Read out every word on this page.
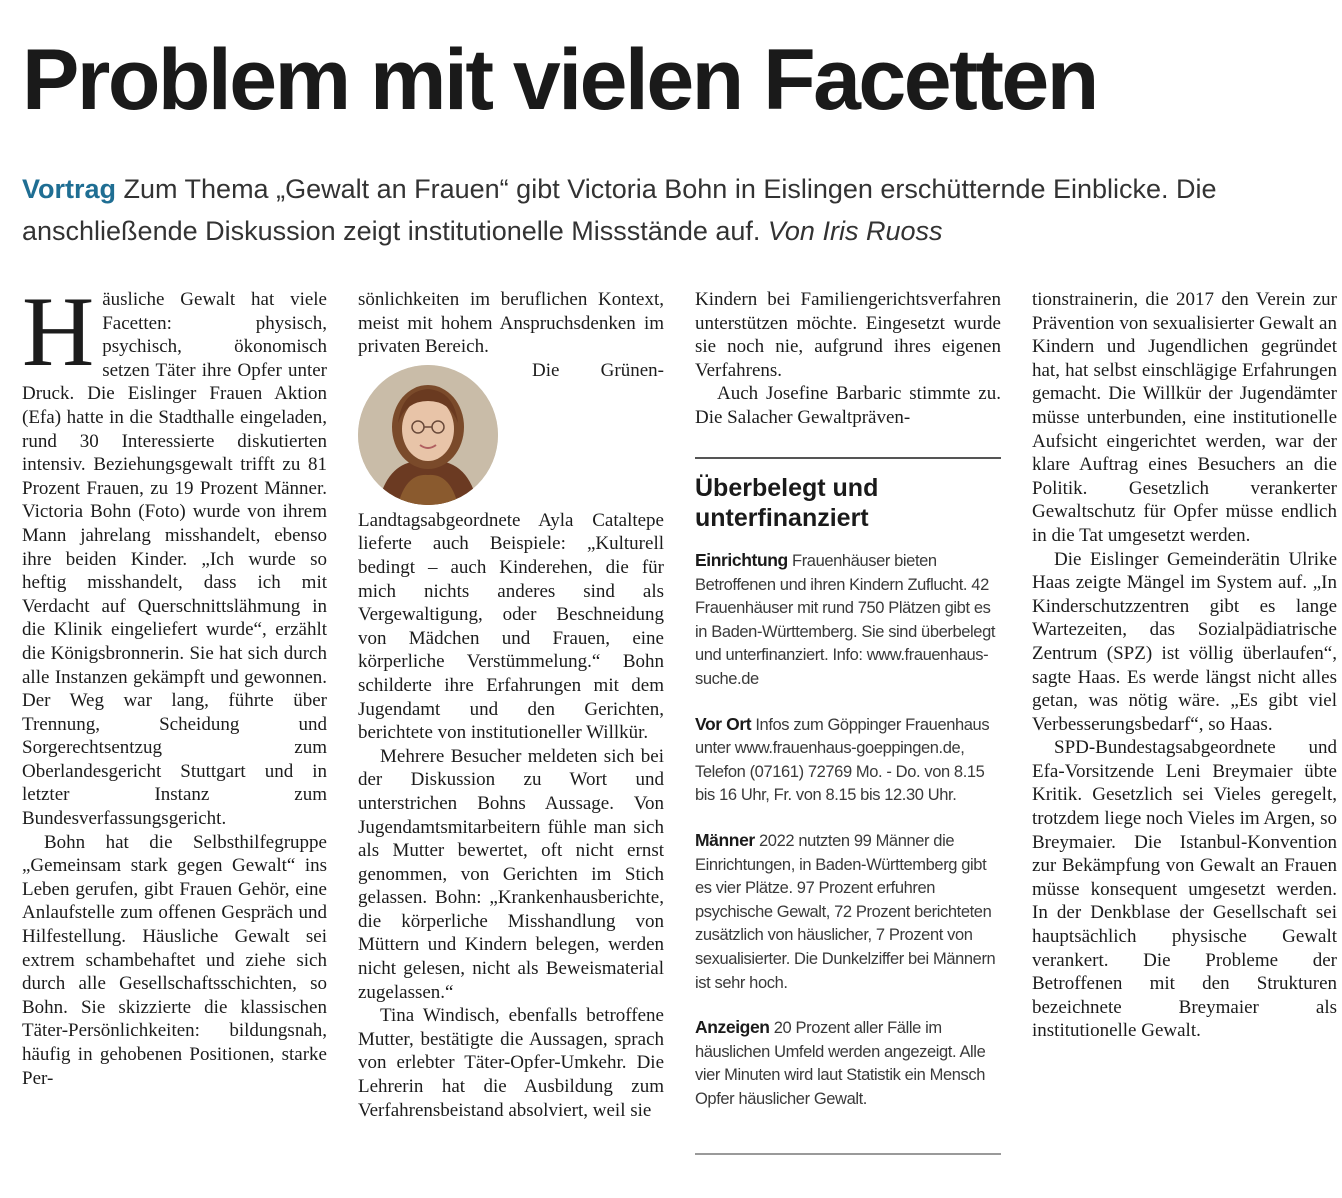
Problem mit vielen Facetten

Vortrag Zum Thema „Gewalt an Frauen“ gibt Victoria Bohn in Eislingen erschütternde Einblicke. Die anschließende Diskussion zeigt institutionelle Missstände auf. Von Iris Ruoss

Häusliche Gewalt hat viele Facetten: physisch, psychisch, ökonomisch setzen Täter ihre Opfer unter Druck. Die Eislinger Frauen Aktion (Efa) hatte in die Stadthalle eingeladen, rund 30 Interessierte diskutierten intensiv. Beziehungsgewalt trifft zu 81 Prozent Frauen, zu 19 Prozent Männer. Victoria Bohn (Foto) wurde von ihrem Mann jahrelang misshandelt, ebenso ihre beiden Kinder. „Ich wurde so heftig misshandelt, dass ich mit Verdacht auf Querschnittslähmung in die Klinik eingeliefert wurde“, erzählt die Königsbronnerin. Sie hat sich durch alle Instanzen gekämpft und gewonnen. Der Weg war lang, führte über Trennung, Scheidung und Sorgerechtsentzug zum Oberlandesgericht Stuttgart und in letzter Instanz zum Bundesverfassungsgericht.

Bohn hat die Selbsthilfegruppe „Gemeinsam stark gegen Gewalt“ ins Leben gerufen, gibt Frauen Gehör, eine Anlaufstelle zum offenen Gespräch und Hilfestellung. Häusliche Gewalt sei extrem schambehaftet und ziehe sich durch alle Gesellschaftsschichten, so Bohn. Sie skizzierte die klassischen Täter-Persönlichkeiten: bildungsnah, häufig in gehobenen Positionen, starke Per-

sönlichkeiten im beruflichen Kontext, meist mit hohem Anspruchsdenken im privaten Bereich.

Die Grünen-Landtagsabgeordnete Ayla Cataltepe lieferte auch Beispiele: „Kulturell bedingt – auch Kinderehen, die für mich nichts anderes sind als Vergewaltigung, oder Beschneidung von Mädchen und Frauen, eine körperliche Verstümmelung.“ Bohn schilderte ihre Erfahrungen mit dem Jugendamt und den Gerichten, berichtete von institutioneller Willkür.

Mehrere Besucher meldeten sich bei der Diskussion zu Wort und unterstrichen Bohns Aussage. Von Jugendamtsmitarbeitern fühle man sich als Mutter bewertet, oft nicht ernst genommen, von Gerichten im Stich gelassen. Bohn: „Krankenhausberichte, die körperliche Misshandlung von Müttern und Kindern belegen, werden nicht gelesen, nicht als Beweismaterial zugelassen.“

Tina Windisch, ebenfalls betroffene Mutter, bestätigte die Aussagen, sprach von erlebter Täter-Opfer-Umkehr. Die Lehrerin hat die Ausbildung zum Verfahrensbeistand absolviert, weil sie

Kindern bei Familiengerichtsverfahren unterstützen möchte. Eingesetzt wurde sie noch nie, aufgrund ihres eigenen Verfahrens.

Auch Josefine Barbaric stimmte zu. Die Salacher Gewaltpräven-

Überbelegt und unterfinanziert

Einrichtung Frauenhäuser bieten Betroffenen und ihren Kindern Zuflucht. 42 Frauenhäuser mit rund 750 Plätzen gibt es in Baden-Württemberg. Sie sind überbelegt und unterfinanziert. Info: www.frauenhaus-suche.de

Vor Ort Infos zum Göppinger Frauenhaus unter www.frauenhaus-goeppingen.de, Telefon (07161) 72769 Mo. - Do. von 8.15 bis 16 Uhr, Fr. von 8.15 bis 12.30 Uhr.

Männer 2022 nutzten 99 Männer die Einrichtungen, in Baden-Württemberg gibt es vier Plätze. 97 Prozent erfuhren psychische Gewalt, 72 Prozent berichteten zusätzlich von häuslicher, 7 Prozent von sexualisierter. Die Dunkelziffer bei Männern ist sehr hoch.

Anzeigen 20 Prozent aller Fälle im häuslichen Umfeld werden angezeigt. Alle vier Minuten wird laut Statistik ein Mensch Opfer häuslicher Gewalt.

tionstrainerin, die 2017 den Verein zur Prävention von sexualisierter Gewalt an Kindern und Jugendlichen gegründet hat, hat selbst einschlägige Erfahrungen gemacht. Die Willkür der Jugendämter müsse unterbunden, eine institutionelle Aufsicht eingerichtet werden, war der klare Auftrag eines Besuchers an die Politik. Gesetzlich verankerter Gewaltschutz für Opfer müsse endlich in die Tat umgesetzt werden.

Die Eislinger Gemeinderätin Ulrike Haas zeigte Mängel im System auf. „In Kinderschutzzentren gibt es lange Wartezeiten, das Sozialpädiatrische Zentrum (SPZ) ist völlig überlaufen“, sagte Haas. Es werde längst nicht alles getan, was nötig wäre. „Es gibt viel Verbesserungsbedarf“, so Haas.

SPD-Bundestagsabgeordnete und Efa-Vorsitzende Leni Breymaier übte Kritik. Gesetzlich sei Vieles geregelt, trotzdem liege noch Vieles im Argen, so Breymaier. Die Istanbul-Konvention zur Bekämpfung von Gewalt an Frauen müsse konsequent umgesetzt werden. In der Denkblase der Gesellschaft sei hauptsächlich physische Gewalt verankert. Die Probleme der Betroffenen mit den Strukturen bezeichnete Breymaier als institutionelle Gewalt.
